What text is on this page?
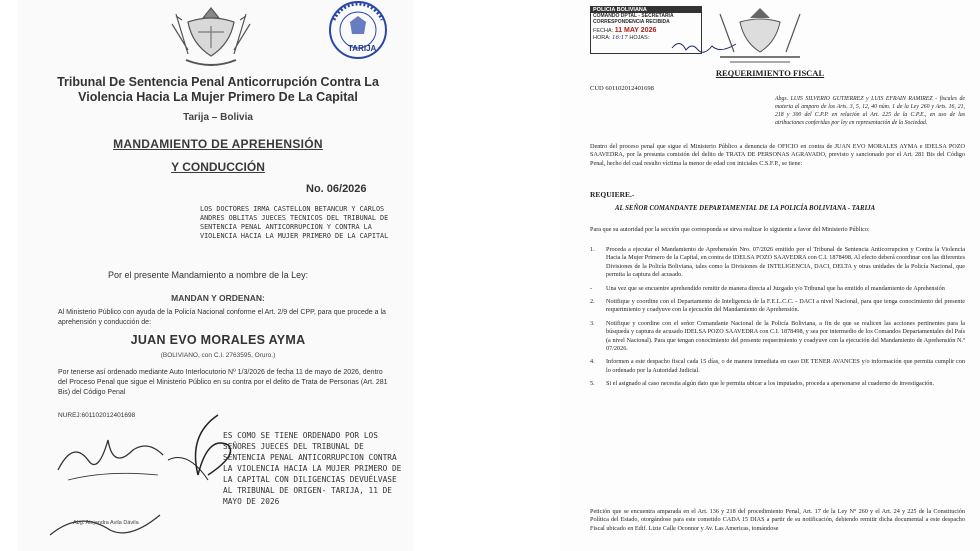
TARIJA
Tribunal De Sentencia Penal Anticorrupción Contra La Violencia Hacia La Mujer Primero De La Capital
Tarija – Bolivia
MANDAMIENTO DE APREHENSIÓN
Y CONDUCCIÓN
No. 06/2026
LOS DOCTORES IRMA CASTELLON BETANCUR Y CARLOS ANDRES OBLITAS JUECES TECNICOS DEL TRIBUNAL DE SENTENCIA PENAL ANTICORRUPCION Y CONTRA LA VIOLENCIA HACIA LA MUJER PRIMERO DE LA CAPITAL
Por el presente Mandamiento a nombre de la Ley:
MANDAN Y ORDENAN:
Al Ministerio Público con ayuda de la Policía Nacional conforme el Art. 2/9 del CPP, para que procede a la aprehensión y conducción de:
JUAN EVO MORALES AYMA
(BOLIVIANO, con C.I. 2763595, Oruro.)
Por tenerse así ordenado mediante Auto Interlocutorio Nº 1/3/2026 de fecha 11 de mayo de 2026, dentro del Proceso Penal que sigue el Ministerio Público en su contra por el delito de Trata de Personas (Art. 281 Bis) del Código Penal
NUREJ:601102012401698
ES COMO SE TIENE ORDENADO POR LOS SEÑORES JUECES DEL TRIBUNAL DE SENTENCIA PENAL ANTICORRUPCION CONTRA LA VIOLENCIA HACIA LA MUJER PRIMERO DE LA CAPITAL CON DILIGENCIAS DEVUÉLVASE AL TRIBUNAL DE ORIGEN- TARIJA, 11 DE MAYO DE 2026
Abg. Alejandra Avila Dávila
POLICIA BOLIVIANA
COMANDO DPTAL - SECRETARIA
CORRESPONDENCIA RECIBIDA
FECHA: 11 MAY 2026
HORA: 16:17 HOJAS:
CUD 601102012401698
REQUERIMIENTO FISCAL
Abgs. LUIS SILVERIO GUTIERREZ y LUIS EFRAIN RAMIREZ - fiscales de materia al amparo de los Arts. 3, 5, 12, 40 núm. 1 de la Ley 260 y Arts. 16, 21, 218 y 300 del C.P.P. en relación al Art. 225 de la C.P.E., en uso de las atribuciones conferidas por ley en representación de la Sociedad.
Dentro del proceso penal que sigue el Ministerio Público a denuncia de OFICIO en contra de JUAN EVO MORALES AYMA e IDELSA POZO SAAVEDRA, por la presunta comisión del delito de TRATA DE PERSONAS AGRAVADO, previsto y sancionado por el Art. 281 Bis del Código Penal, hecho del cual resulto víctima la menor de edad con iniciales C.S.F.P., se tiene:
REQUIERE.-
AL SEÑOR COMANDANTE DEPARTAMENTAL DE LA POLICÍA BOLIVIANA - TARIJA
Para que su autoridad por la sección que corresponda se sirva realizar lo siguiente a favor del Ministerio Público:
1.	Proceda a ejecutar el Mandamiento de Aprehensión Nro. 07/2026 emitido por el Tribunal de Sentencia Anticorrupcion y Contra la Violencia Hacia la Mujer Primero de la Capital, en contra de IDELSA POZO SAAVEDRA con C.I. 1878498. Al efecto deberá coordinar con las diferentes Divisiones de la Policía Boliviana, tales como la Divisiones de INTELIGENCIA, DACI, DELTA y otras unidades de la Policía Nacional, que permita la captura del acusado.
-	Una vez que se encuentre aprehendido remitir de manera directa al Juzgado y/o Tribunal que ha emitido el mandamiento de Aprehensión
2.	Notifique y coordine con el Departamento de Inteligencia de la F.E.L.C.C. - DACI a nivel Nacional, para que tenga conocimiento del presente requerimiento y coadyuve con la ejecución del Mandamiento de Aprehensión.
3.	Notifique y coordine con el señor Comandante Nacional de la Policía Boliviana, a fin de que se realicen las acciones pertinentes para la búsqueda y captura de acusado IDELSA POZO SAAVEDRA con C.I. 1878498, y sea por intermedio de los Comandos Departamentales del País (a nivel Nacional). Para que tengan conocimiento del presente requerimiento y coadyuve con la ejecución del Mandamiento de Aprehensión N.º 07/2026.
4.	Informen a este despacho fiscal cada 15 días, o de manera inmediata en caso DE TENER AVANCES y/o información que permita cumplir con lo ordenado por la Autoridad Judicial.
5.	Si el asignado al caso necesita algún dato que le permita ubicar a los imputados, proceda a apersonarse al cuaderno de investigación.
Petición que se encuentra amparada en el Art. 136 y 218 del procedimiento Penal, Art. 17 de la Ley N° 260 y el Art. 24 y 225 de la Constitución Política del Estado, otorgándose para este cometido CADA 15 DIAS a partir de su notificación, debiendo remitir dicha documental a este despacho Fiscal ubicado en Edif. Lizie Calle Oconnor y Av. Las Americas, tomándose
